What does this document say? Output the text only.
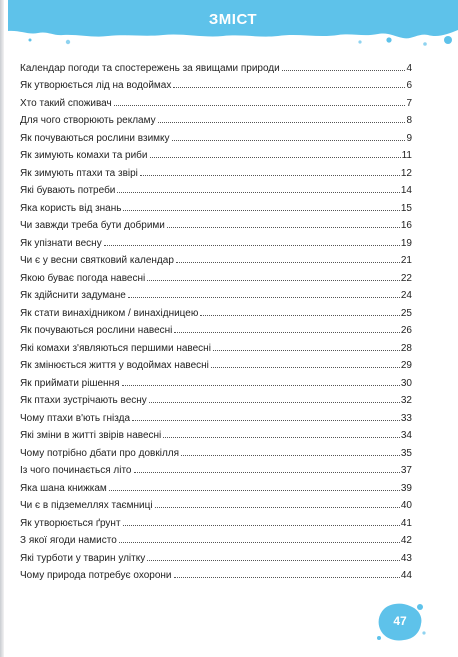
ЗМІСТ
Календар погоди та спостережень за явищами природи	4
Як утворюється лід на водоймах	6
Хто такий споживач	7
Для чого створюють рекламу	8
Як почуваються рослини взимку	9
Як зимують комахи та риби	11
Як зимують птахи та звірі	12
Які бувають потреби	14
Яка користь від знань	15
Чи завжди треба бути добрими	16
Як упізнати весну	19
Чи є у весни святковий календар	21
Якою буває погода навесні	22
Як здійснити задумане	24
Як стати винахідником / винахідницею	25
Як почуваються рослини навесні	26
Які комахи з'являються першими навесні	28
Як змінюється життя у водоймах навесні	29
Як приймати рішення	30
Як птахи зустрічають весну	32
Чому птахи в'ють гнізда	33
Які зміни в житті звірів навесні	34
Чому потрібно дбати про довкілля	35
Із чого починається літо	37
Яка шана книжкам	39
Чи є в підземеллях таємниці	40
Як утворюється ґрунт	41
З якої ягоди намисто	42
Які турботи у тварин улітку	43
Чому природа потребує охорони	44
47
